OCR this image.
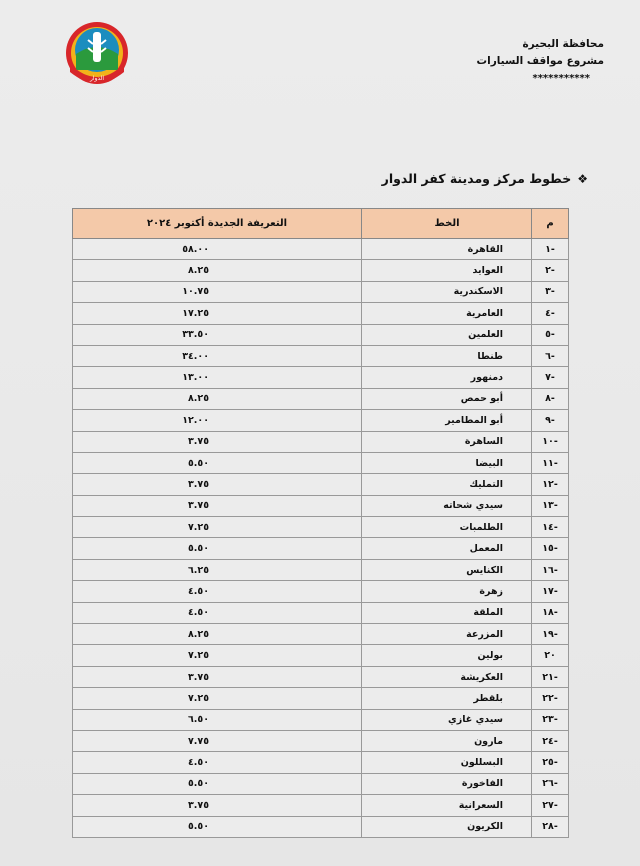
الدوار
محافظة البحيرة
مشروع مواقف السيارات
***********
❖
خطوط مركز ومدينة كفر الدوار
م	الخط	التعريفة الجديدة أكتوبر ٢٠٢٤
-١	القاهرة	٥٨.٠٠
-٢	العوايد	٨.٢٥
-٣	الاسكندرية	١٠.٧٥
-٤	العامرية	١٧.٢٥
-٥	العلمين	٣٣.٥٠
-٦	طنطا	٣٤.٠٠
-٧	دمنهور	١٣.٠٠
-٨	أبو حمص	٨.٢٥
-٩	أبو المطامير	١٢.٠٠
-١٠	الساهرة	٣.٧٥
-١١	البيضا	٥.٥٠
-١٢	التمليك	٣.٧٥
-١٣	سيدي شحاته	٣.٧٥
-١٤	الطلمبات	٧.٢٥
-١٥	المعمل	٥.٥٠
-١٦	الكنايس	٦.٢٥
-١٧	زهرة	٤.٥٠
-١٨	الملقة	٤.٥٠
-١٩	المزرعة	٨.٢٥
٢٠	بولين	٧.٢٥
-٢١	العكريشة	٣.٧٥
-٢٢	بلقطر	٧.٢٥
-٢٣	سيدي غازي	٦.٥٠
-٢٤	مارون	٧.٧٥
-٢٥	البسللون	٤.٥٠
-٢٦	الفاخورة	٥.٥٠
-٢٧	السعرانية	٣.٧٥
-٢٨	الكريون	٥.٥٠
